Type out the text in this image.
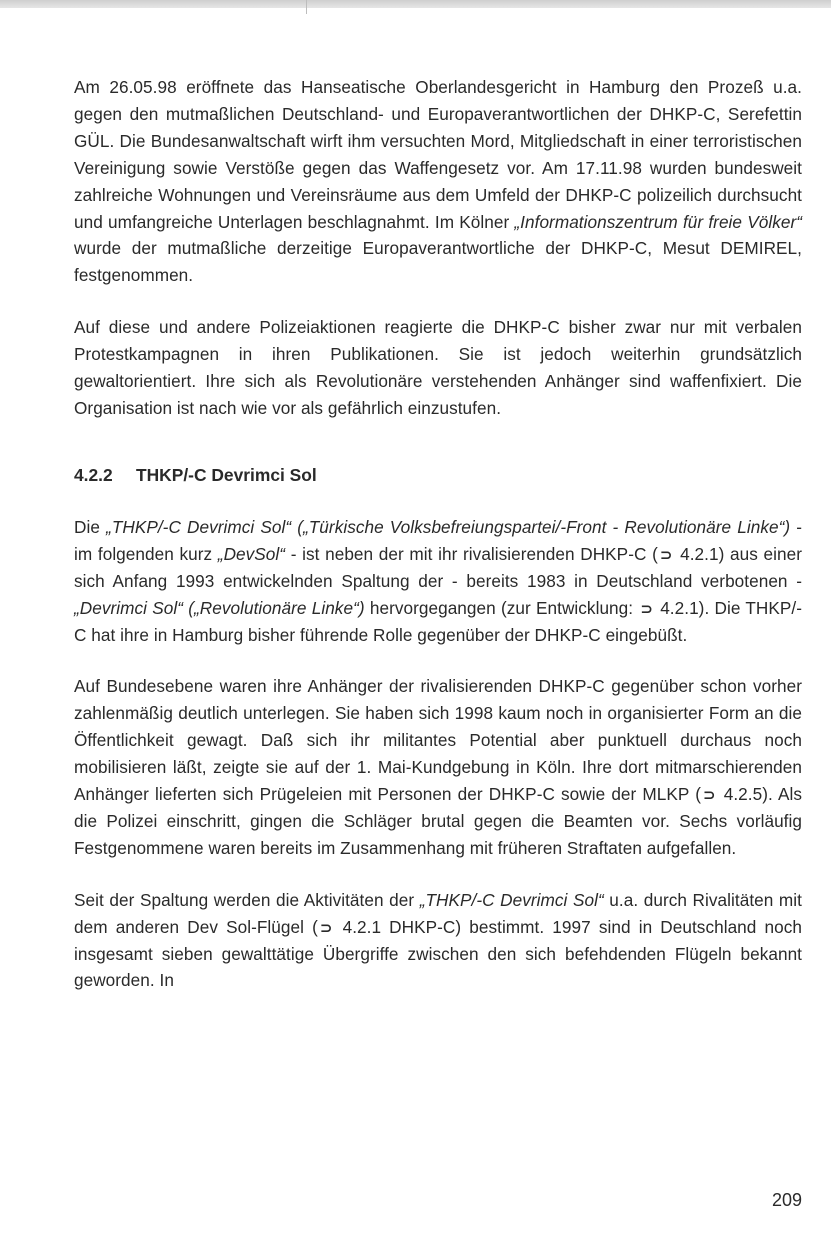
Am 26.05.98 eröffnete das Hanseatische Oberlandesgericht in Hamburg den Prozeß u.a. gegen den mutmaßlichen Deutschland- und Europaverantwortlichen der DHKP-C, Serefettin GÜL. Die Bundesanwaltschaft wirft ihm versuchten Mord, Mitgliedschaft in einer terroristischen Vereinigung sowie Verstöße gegen das Waffengesetz vor. Am 17.11.98 wurden bundesweit zahlreiche Wohnungen und Vereinsräume aus dem Umfeld der DHKP-C polizeilich durchsucht und umfangreiche Unterlagen beschlagnahmt. Im Kölner „Informationszentrum für freie Völker“ wurde der mutmaßliche derzeitige Europaverantwortliche der DHKP-C, Mesut DEMIREL, festgenommen.

Auf diese und andere Polizeiaktionen reagierte die DHKP-C bisher zwar nur mit verbalen Protestkampagnen in ihren Publikationen. Sie ist jedoch weiterhin grundsätzlich gewaltorientiert. Ihre sich als Revolutionäre verstehenden Anhänger sind waffenfixiert. Die Organisation ist nach wie vor als gefährlich einzustufen.

4.2.2 THKP/-C Devrimci Sol

Die „THKP/-C Devrimci Sol“ („Türkische Volksbefreiungspartei/-Front - Revolutionäre Linke“) - im folgenden kurz „DevSol“ - ist neben der mit ihr rivalisierenden DHKP-C ( ⊃ 4.2.1) aus einer sich Anfang 1993 entwickelnden Spaltung der - bereits 1983 in Deutschland verbotenen - „Devrimci Sol“ („Revolutionäre Linke“) hervorgegangen (zur Entwicklung: ⊃ 4.2.1). Die THKP/-C hat ihre in Hamburg bisher führende Rolle gegenüber der DHKP-C eingebüßt.

Auf Bundesebene waren ihre Anhänger der rivalisierenden DHKP-C gegenüber schon vorher zahlenmäßig deutlich unterlegen. Sie haben sich 1998 kaum noch in organisierter Form an die Öffentlichkeit gewagt. Daß sich ihr militantes Potential aber punktuell durchaus noch mobilisieren läßt, zeigte sie auf der 1. Mai-Kundgebung in Köln. Ihre dort mitmarschierenden Anhänger lieferten sich Prügeleien mit Personen der DHKP-C sowie der MLKP ( ⊃ 4.2.5). Als die Polizei einschritt, gingen die Schläger brutal gegen die Beamten vor. Sechs vorläufig Festgenommene waren bereits im Zusammenhang mit früheren Straftaten aufgefallen.

Seit der Spaltung werden die Aktivitäten der „THKP/-C Devrimci Sol“ u.a. durch Rivalitäten mit dem anderen Dev Sol-Flügel ( ⊃ 4.2.1 DHKP-C) bestimmt. 1997 sind in Deutschland noch insgesamt sieben gewalttätige Übergriffe zwischen den sich befehdenden Flügeln bekannt geworden. In

209
